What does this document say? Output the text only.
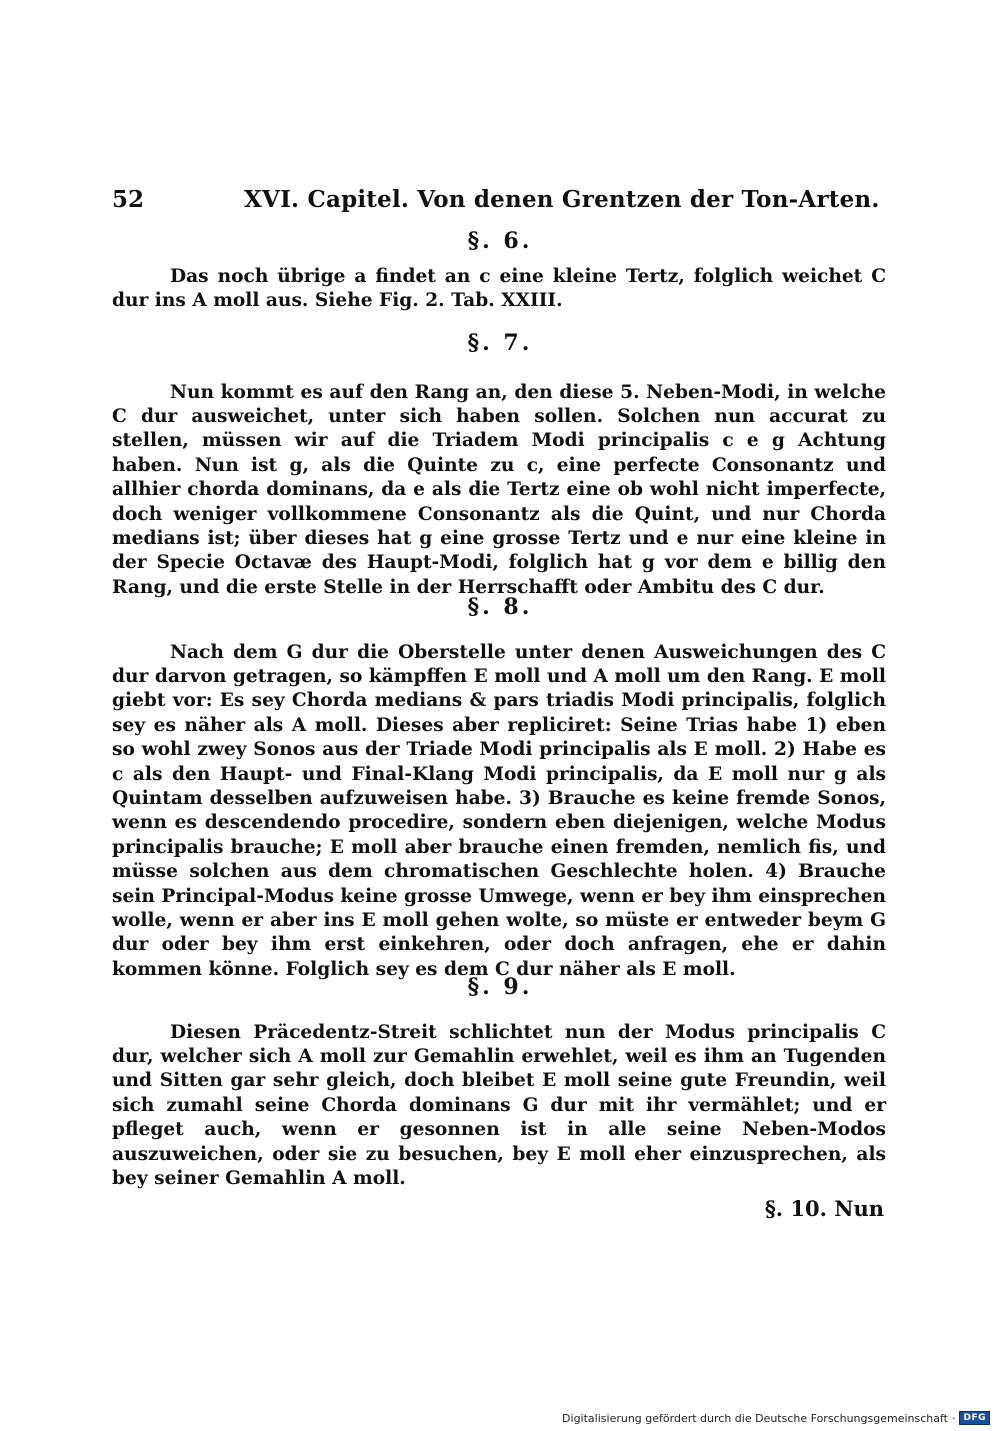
52	XVI. Capitel. Von denen Grentzen der Ton-Arten.
§. 6.

Das noch übrige a findet an c eine kleine Tertz, folglich weichet C dur ins A moll aus. Siehe Fig. 2. Tab. XXIII.

§. 7.

Nun kommt es auf den Rang an, den diese 5. Neben-Modi, in welche C dur ausweichet, unter sich haben sollen. Solchen nun accurat zu stellen, müssen wir auf die Triadem Modi principalis c e g Achtung haben. Nun ist g, als die Quinte zu c, eine perfecte Consonantz und allhier chorda dominans, da e als die Tertz eine ob wohl nicht imperfecte, doch weniger vollkommene Consonantz als die Quint, und nur Chorda medians ist; über dieses hat g eine grosse Tertz und e nur eine kleine in der Specie Octavæ des Haupt-Modi, folglich hat g vor dem e billig den Rang, und die erste Stelle in der Herrschafft oder Ambitu des C dur.

§. 8.

Nach dem G dur die Oberstelle unter denen Ausweichungen des C dur darvon getragen, so kämpffen E moll und A moll um den Rang. E moll giebt vor: Es sey Chorda medians & pars triadis Modi principalis, folglich sey es näher als A moll. Dieses aber repliciret: Seine Trias habe 1) eben so wohl zwey Sonos aus der Triade Modi principalis als E moll. 2) Habe es c als den Haupt- und Final-Klang Modi principalis, da E moll nur g als Quintam desselben aufzuweisen habe. 3) Brauche es keine fremde Sonos, wenn es descendendo procedire, sondern eben diejenigen, welche Modus principalis brauche; E moll aber brauche einen fremden, nemlich fis, und müsse solchen aus dem chromatischen Geschlechte holen. 4) Brauche sein Principal-Modus keine grosse Umwege, wenn er bey ihm einsprechen wolle, wenn er aber ins E moll gehen wolte, so müste er entweder beym G dur oder bey ihm erst einkehren, oder doch anfragen, ehe er dahin kommen könne. Folglich sey es dem C dur näher als E moll.

§. 9.

Diesen Präcedentz-Streit schlichtet nun der Modus principalis C dur, welcher sich A moll zur Gemahlin erwehlet, weil es ihm an Tugenden und Sitten gar sehr gleich, doch bleibet E moll seine gute Freundin, weil sich zumahl seine Chorda dominans G dur mit ihr vermählet; und er pfleget auch, wenn er gesonnen ist in alle seine Neben-Modos auszuweichen, oder sie zu besuchen, bey E moll eher einzusprechen, als bey seiner Gemahlin A moll.

§. 10. Nun
Digitalisierung gefördert durch die Deutsche Forschungsgemeinschaft · DFG
